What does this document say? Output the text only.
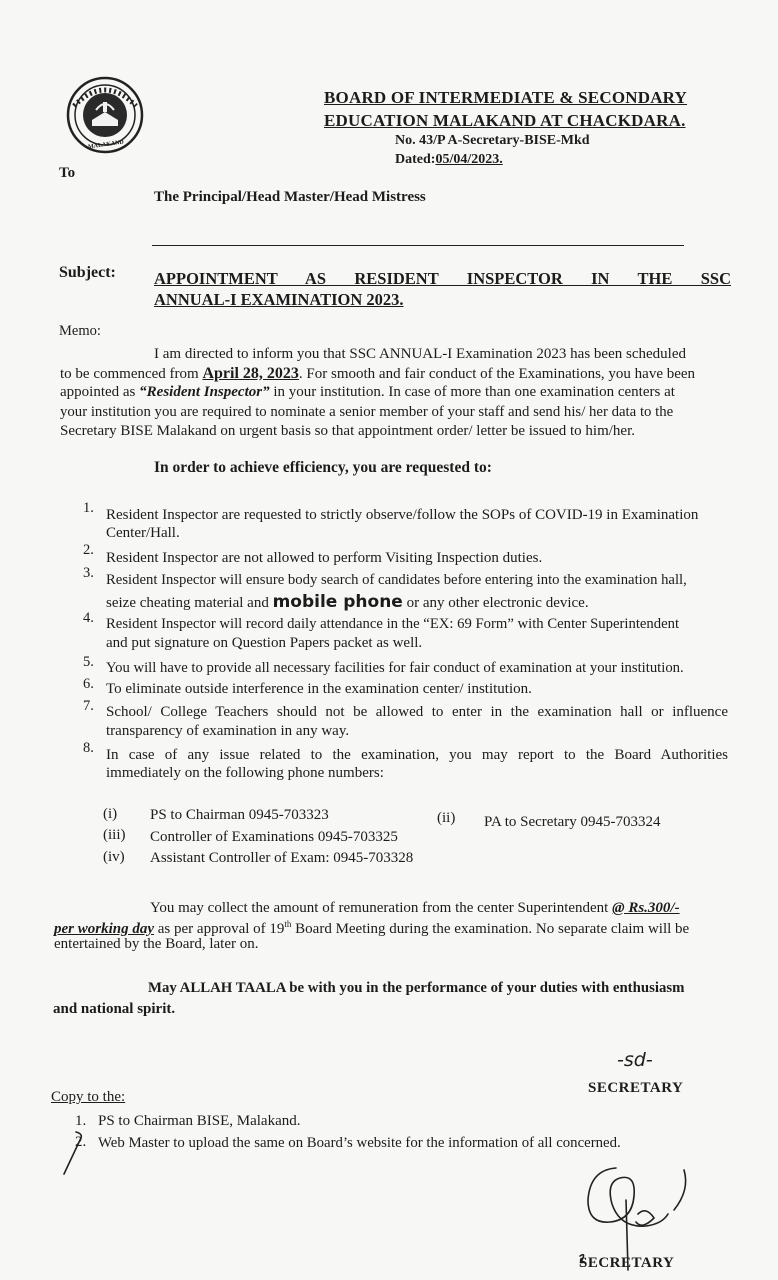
MALAKAND
BOARD OF INTERMEDIATE & SECONDARY
EDUCATION MALAKAND AT CHACKDARA.
No. 43/P A-Secretary-BISE-Mkd
Dated:05/04/2023.
To
The Principal/Head Master/Head Mistress
Subject: APPOINTMENT AS RESIDENT INSPECTOR IN THE SSC
ANNUAL-I EXAMINATION 2023.
Memo:
I am directed to inform you that SSC ANNUAL-I Examination 2023 has been scheduled
to be commenced from April 28, 2023. For smooth and fair conduct of the Examinations, you have been
appointed as “Resident Inspector” in your institution. In case of more than one examination centers at
your institution you are required to nominate a senior member of your staff and send his/ her data to the
Secretary BISE Malakand on urgent basis so that appointment order/ letter be issued to him/her.
In order to achieve efficiency, you are requested to:
1. Resident Inspector are requested to strictly observe/follow the SOPs of COVID-19 in Examination
Center/Hall.
2. Resident Inspector are not allowed to perform Visiting Inspection duties.
3. Resident Inspector will ensure body search of candidates before entering into the examination hall,
seize cheating material and mobile phone or any other electronic device.
4. Resident Inspector will record daily attendance in the “EX: 69 Form” with Center Superintendent
and put signature on Question Papers packet as well.
5. You will have to provide all necessary facilities for fair conduct of examination at your institution.
6. To eliminate outside interference in the examination center/ institution.
7. School/ College Teachers should not be allowed to enter in the examination hall or influence
transparency of examination in any way.
8. In case of any issue related to the examination, you may report to the Board Authorities
immediately on the following phone numbers:
(i) PS to Chairman 0945-703323	(ii) PA to Secretary 0945-703324
(iii) Controller of Examinations 0945-703325
(iv) Assistant Controller of Exam: 0945-703328
You may collect the amount of remuneration from the center Superintendent @ Rs.300/-
per working day as per approval of 19th Board Meeting during the examination. No separate claim will be
entertained by the Board, later on.
May ALLAH TAALA be with you in the performance of your duties with enthusiasm
and national spirit.
-sd-
SECRETARY
Copy to the:
1. PS to Chairman BISE, Malakand.
2. Web Master to upload the same on Board’s website for the information of all concerned.
SECRETARY
